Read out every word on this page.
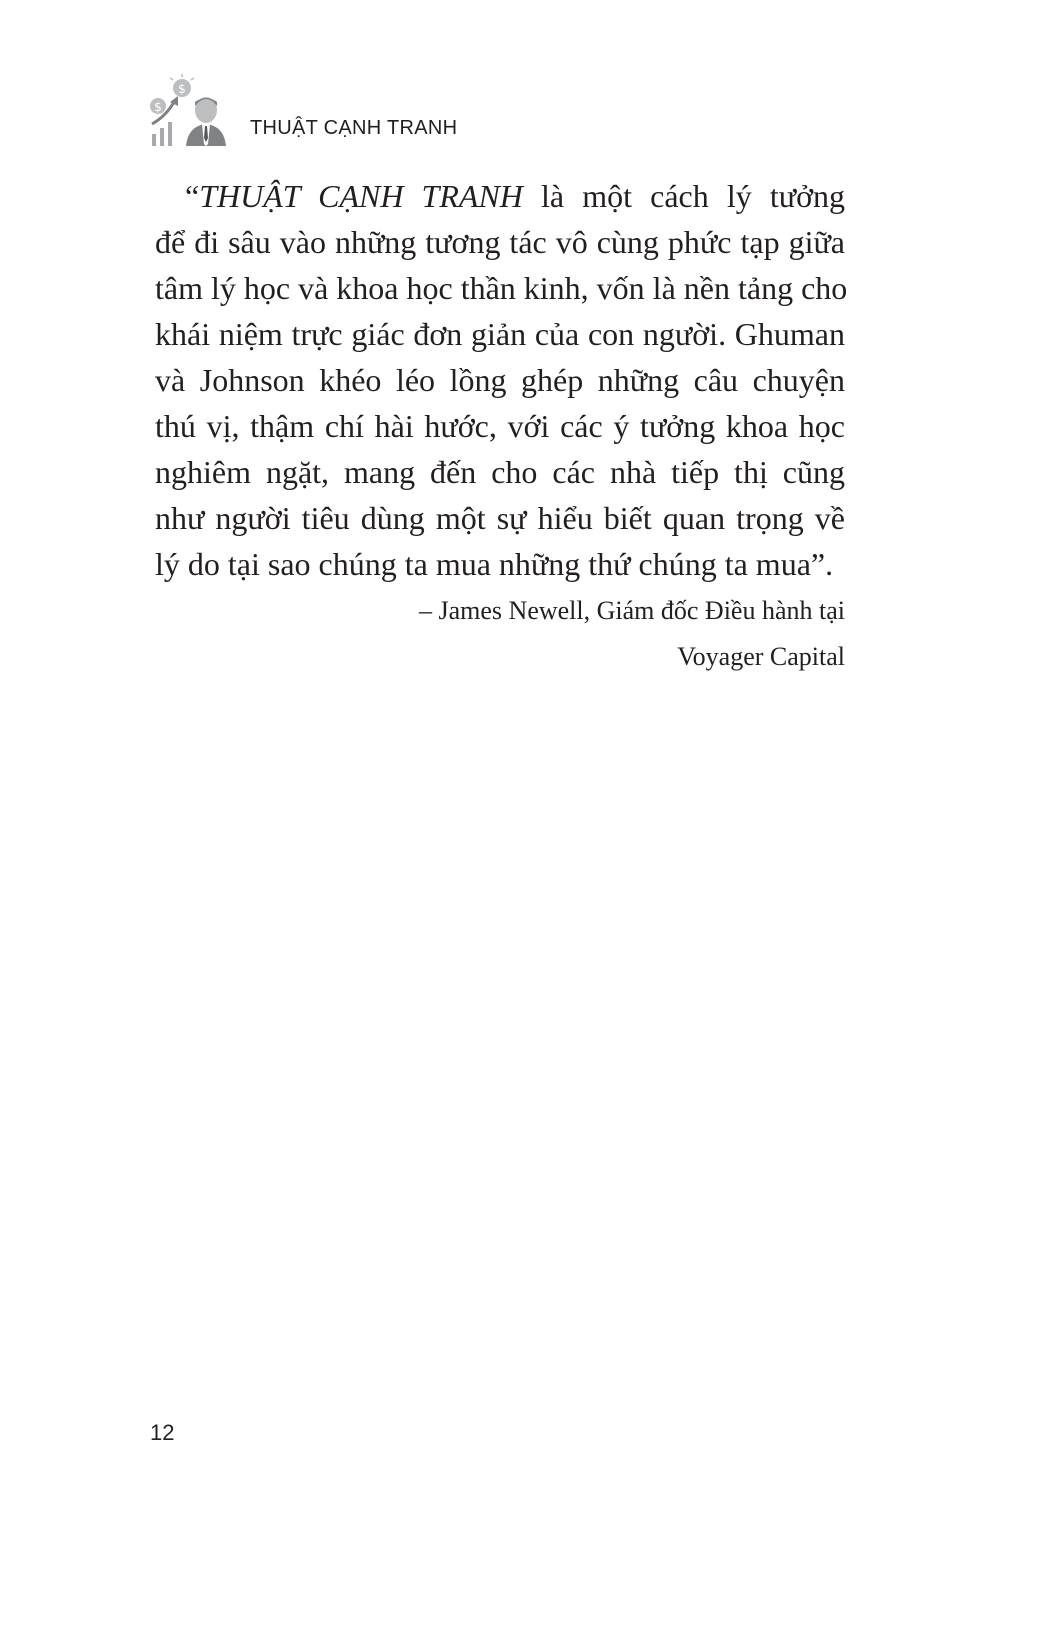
$
$
THUẬT CẠNH TRANH

“THUẬT CẠNH TRANH là một cách lý tưởng
để đi sâu vào những tương tác vô cùng phức tạp giữa
tâm lý học và khoa học thần kinh, vốn là nền tảng cho
khái niệm trực giác đơn giản của con người. Ghuman
và Johnson khéo léo lồng ghép những câu chuyện
thú vị, thậm chí hài hước, với các ý tưởng khoa học
nghiêm ngặt, mang đến cho các nhà tiếp thị cũng
như người tiêu dùng một sự hiểu biết quan trọng về
lý do tại sao chúng ta mua những thứ chúng ta mua”.

– James Newell, Giám đốc Điều hành tại
Voyager Capital

12
